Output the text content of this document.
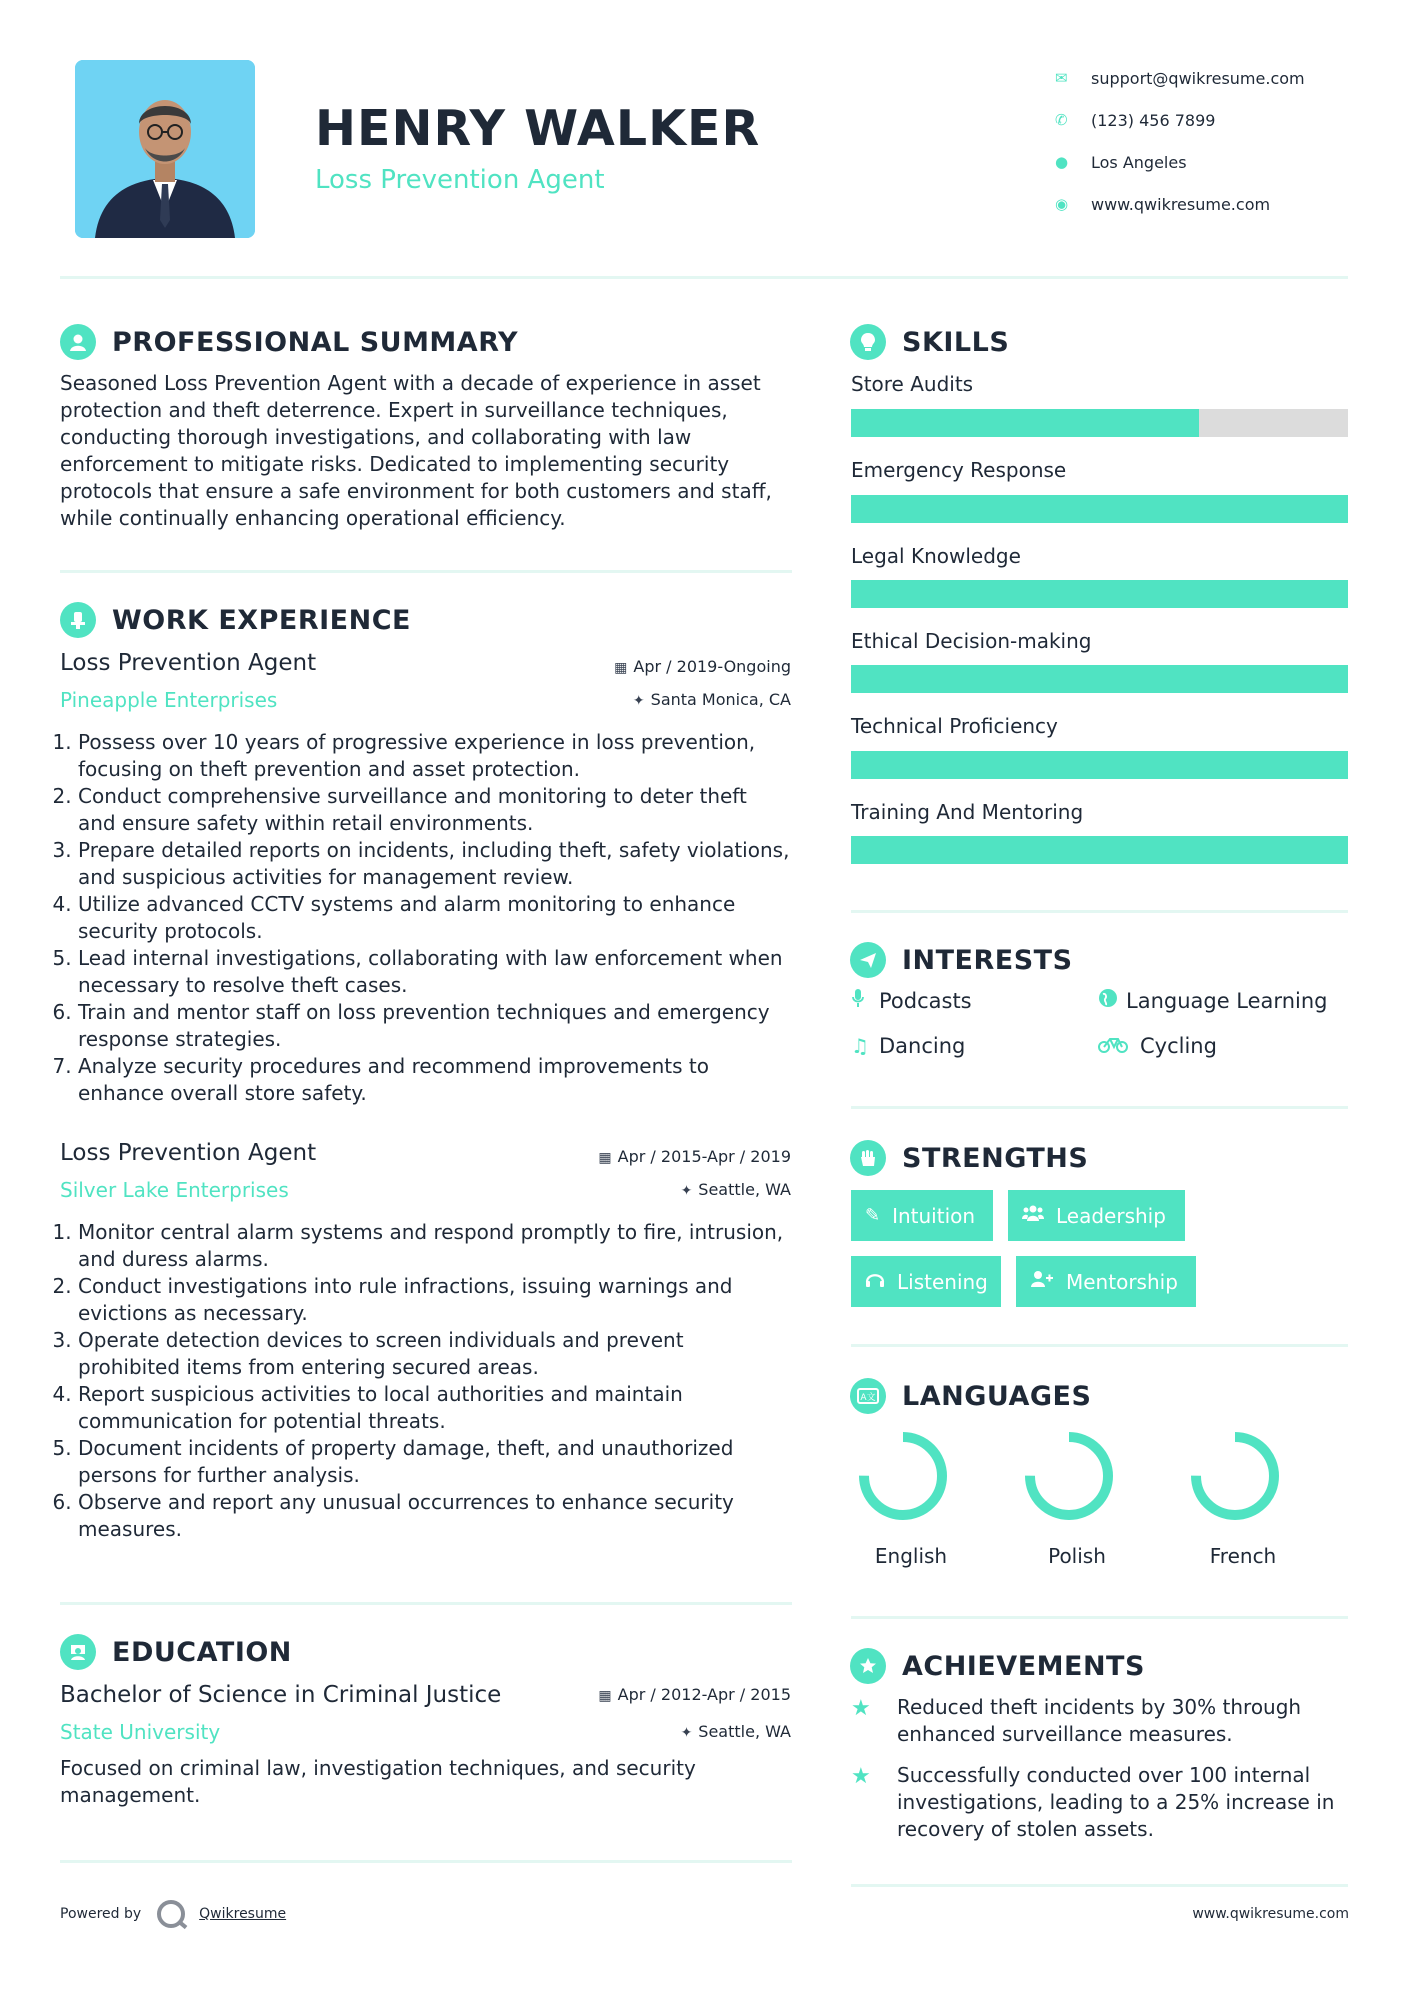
HENRY WALKER
Loss Prevention Agent
✉	support@qwikresume.com
✆	(123) 456 7899
●	Los Angeles
◉	www.qwikresume.com
PROFESSIONAL SUMMARY
Seasoned Loss Prevention Agent with a decade of experience in asset protection and theft deterrence. Expert in surveillance techniques, conducting thorough investigations, and collaborating with law enforcement to mitigate risks. Dedicated to implementing security protocols that ensure a safe environment for both customers and staff, while continually enhancing operational efficiency.
WORK EXPERIENCE
Loss Prevention Agent	▦ Apr / 2019-Ongoing
Pineapple Enterprises	✦ Santa Monica, CA
1. Possess over 10 years of progressive experience in loss prevention, focusing on theft prevention and asset protection.
2. Conduct comprehensive surveillance and monitoring to deter theft and ensure safety within retail environments.
3. Prepare detailed reports on incidents, including theft, safety violations, and suspicious activities for management review.
4. Utilize advanced CCTV systems and alarm monitoring to enhance security protocols.
5. Lead internal investigations, collaborating with law enforcement when necessary to resolve theft cases.
6. Train and mentor staff on loss prevention techniques and emergency response strategies.
7. Analyze security procedures and recommend improvements to enhance overall store safety.
Loss Prevention Agent	▦ Apr / 2015-Apr / 2019
Silver Lake Enterprises	✦ Seattle, WA
1. Monitor central alarm systems and respond promptly to fire, intrusion, and duress alarms.
2. Conduct investigations into rule infractions, issuing warnings and evictions as necessary.
3. Operate detection devices to screen individuals and prevent prohibited items from entering secured areas.
4. Report suspicious activities to local authorities and maintain communication for potential threats.
5. Document incidents of property damage, theft, and unauthorized persons for further analysis.
6. Observe and report any unusual occurrences to enhance security measures.
EDUCATION
Bachelor of Science in Criminal Justice	▦ Apr / 2012-Apr / 2015
State University	✦ Seattle, WA
Focused on criminal law, investigation techniques, and security management.
SKILLS
Store Audits
Emergency Response
Legal Knowledge
Ethical Decision-making
Technical Proficiency
Training And Mentoring
INTERESTS
Podcasts	Language Learning
♫ Dancing	Cycling
STRENGTHS
✎ Intuition	Leadership
Listening	Mentorship
A文 LANGUAGES
English	Polish	French
ACHIEVEMENTS
★	Reduced theft incidents by 30% through enhanced surveillance measures.
★	Successfully conducted over 100 internal investigations, leading to a 25% increase in recovery of stolen assets.
Powered by	Qwikresume	www.qwikresume.com
